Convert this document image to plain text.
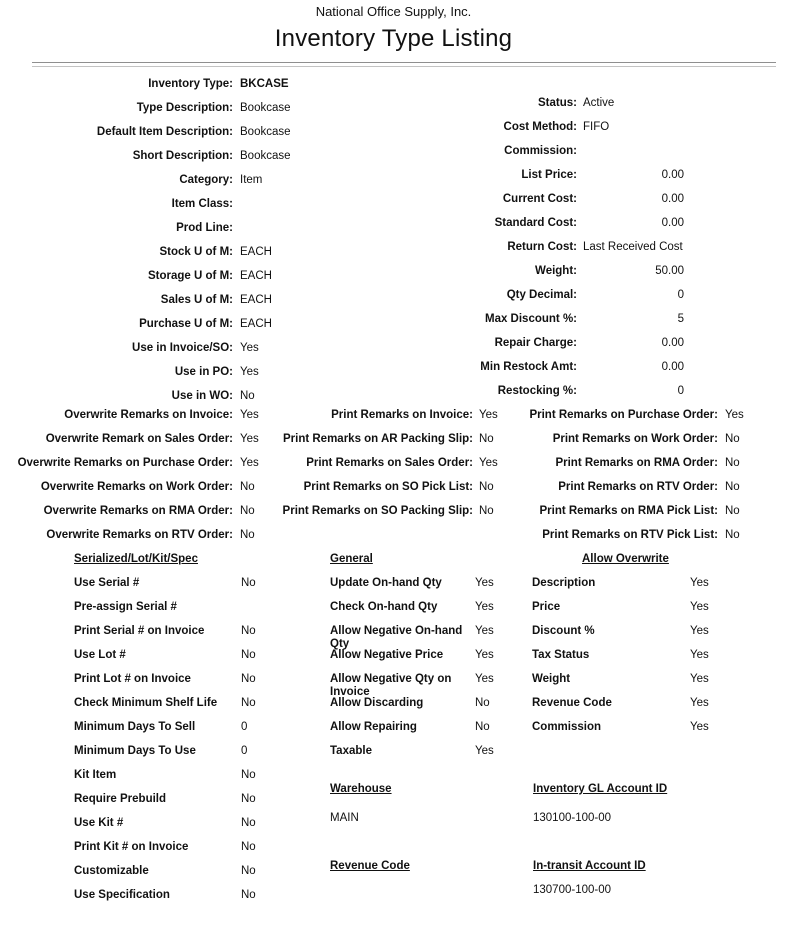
National Office Supply, Inc.
Inventory Type Listing
Inventory Type: BKCASE
Type Description: Bookcase
Default Item Description: Bookcase
Short Description: Bookcase
Category: Item
Item Class:
Prod Line:
Stock U of M: EACH
Storage U of M: EACH
Sales U of M: EACH
Purchase U of M: EACH
Use in Invoice/SO: Yes
Use in PO: Yes
Use in WO: No
Status: Active
Cost Method: FIFO
Commission:
List Price:	0.00
Current Cost:	0.00
Standard Cost:	0.00
Return Cost: Last Received Cost
Weight:	50.00
Qty Decimal:	0
Max Discount %:	5
Repair Charge:	0.00
Min Restock Amt:	0.00
Restocking %:	0
Overwrite Remarks on Invoice: Yes
Overwrite Remark on Sales Order: Yes
Overwrite Remarks on Purchase Order: Yes
Overwrite Remarks on Work Order: No
Overwrite Remarks on RMA Order: No
Overwrite Remarks on RTV Order: No
Print Remarks on Invoice: Yes
Print Remarks on AR Packing Slip: No
Print Remarks on Sales Order: Yes
Print Remarks on SO Pick List: No
Print Remarks on SO Packing Slip: No
Print Remarks on Purchase Order: Yes
Print Remarks on Work Order: No
Print Remarks on RMA Order: No
Print Remarks on RTV Order: No
Print Remarks on RMA Pick List: No
Print Remarks on RTV Pick List: No
Serialized/Lot/Kit/Spec	General	Allow Overwrite
Use Serial #	No
Pre-assign Serial #
Print Serial # on Invoice	No
Use Lot #	No
Print Lot # on Invoice	No
Check Minimum Shelf Life	No
Minimum Days To Sell	0
Minimum Days To Use	0
Kit Item	No
Require Prebuild	No
Use Kit #	No
Print Kit # on Invoice	No
Customizable	No
Use Specification	No
Update On-hand Qty	Yes
Check On-hand Qty	Yes
Allow Negative On-hand Qty
Yes
Allow Negative Price	Yes
Allow Negative Qty on Invoice
Yes
Allow Discarding	No
Allow Repairing	No
Taxable	Yes
Description	Yes
Price	Yes
Discount %	Yes
Tax Status	Yes
Weight	Yes
Revenue Code	Yes
Commission	Yes
Warehouse
MAIN
Revenue Code
Inventory GL Account ID
130100-100-00
In-transit Account ID
130700-100-00
